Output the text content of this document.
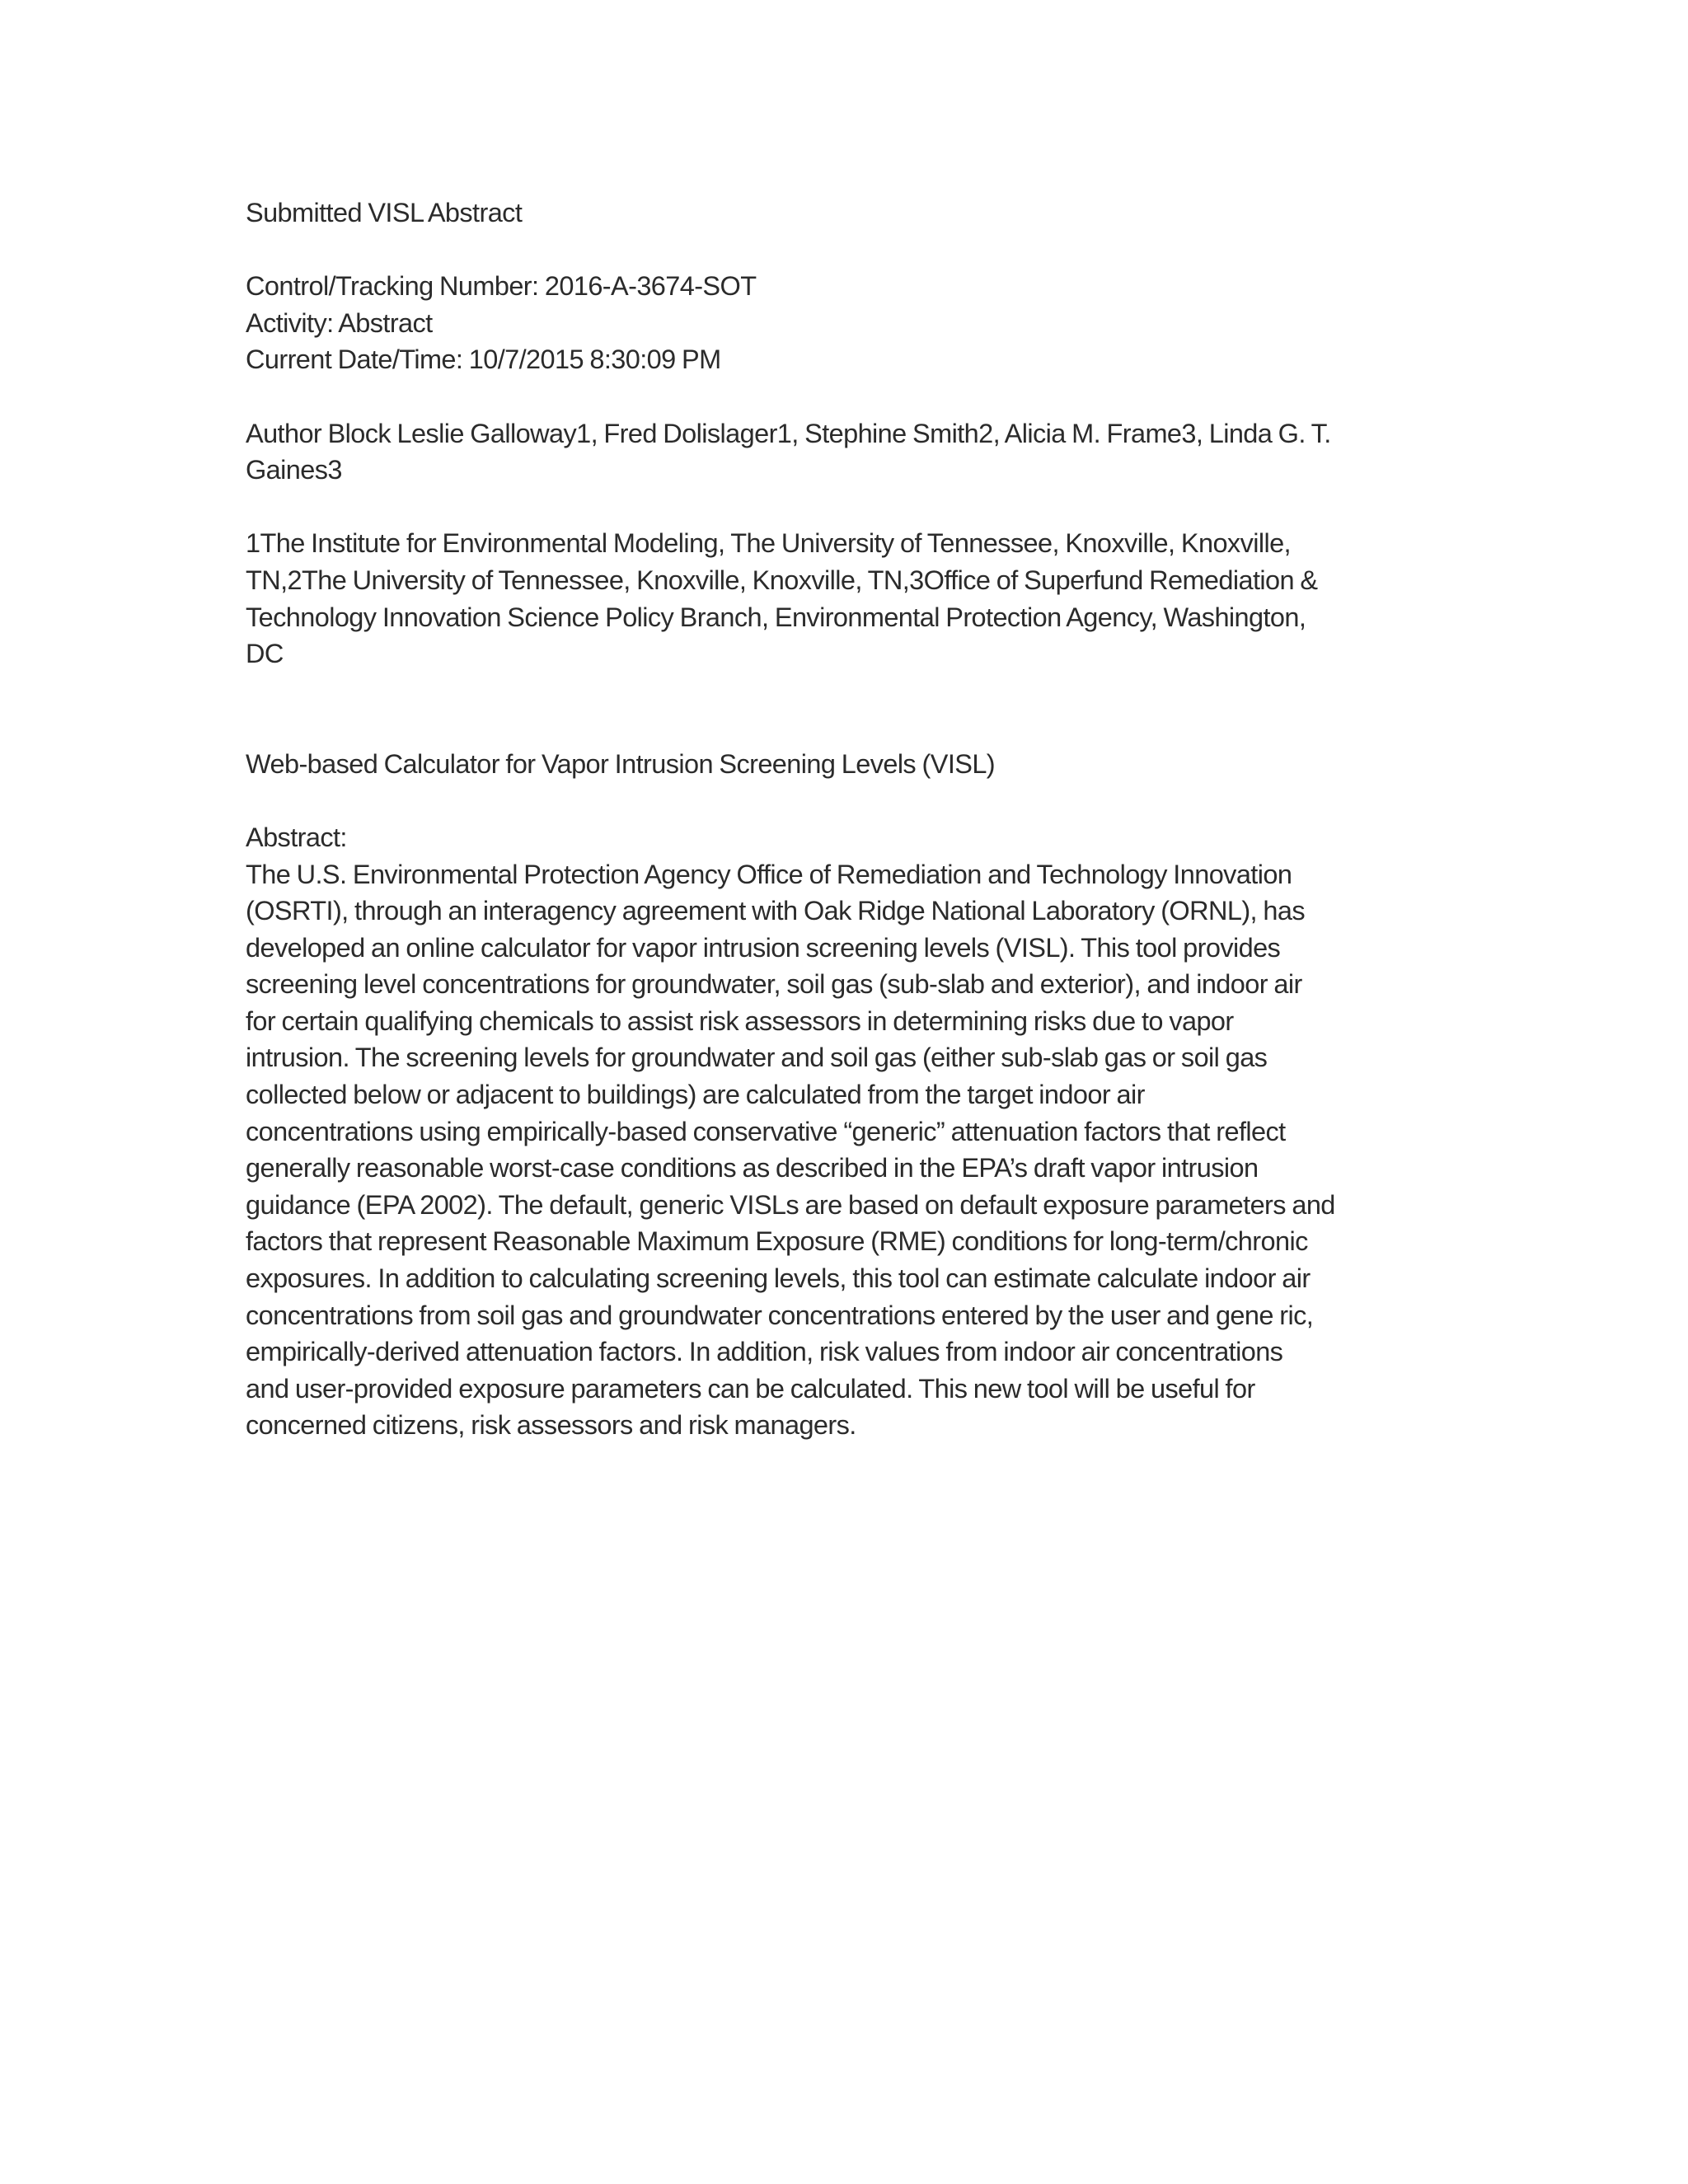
Submitted VISL Abstract
Control/Tracking Number: 2016-A-3674-SOT
Activity: Abstract
Current Date/Time: 10/7/2015 8:30:09 PM
Author Block Leslie Galloway1, Fred Dolislager1, Stephine Smith2, Alicia M. Frame3, Linda G. T.
Gaines3
1The Institute for Environmental Modeling, The University of Tennessee, Knoxville, Knoxville,
TN,2The University of Tennessee, Knoxville, Knoxville, TN,3Office of Superfund Remediation &
Technology Innovation Science Policy Branch, Environmental Protection Agency, Washington,
DC
Web-based Calculator for Vapor Intrusion Screening Levels (VISL)
Abstract:
The U.S. Environmental Protection Agency Office of Remediation and Technology Innovation
(OSRTI), through an interagency agreement with Oak Ridge National Laboratory (ORNL), has
developed an online calculator for vapor intrusion screening levels (VISL). This tool provides
screening level concentrations for groundwater, soil gas (sub-slab and exterior), and indoor air
for certain qualifying chemicals to assist risk assessors in determining risks due to vapor
intrusion. The screening levels for groundwater and soil gas (either sub-slab gas or soil gas
collected below or adjacent to buildings) are calculated from the target indoor air
concentrations using empirically-based conservative “generic” attenuation factors that reflect
generally reasonable worst-case conditions as described in the EPA’s draft vapor intrusion
guidance (EPA 2002). The default, generic VISLs are based on default exposure parameters and
factors that represent Reasonable Maximum Exposure (RME) conditions for long-term/chronic
exposures. In addition to calculating screening levels, this tool can estimate calculate indoor air
concentrations from soil gas and groundwater concentrations entered by the user and gene ric,
empirically-derived attenuation factors. In addition, risk values from indoor air concentrations
and user-provided exposure parameters can be calculated. This new tool will be useful for
concerned citizens, risk assessors and risk managers.
